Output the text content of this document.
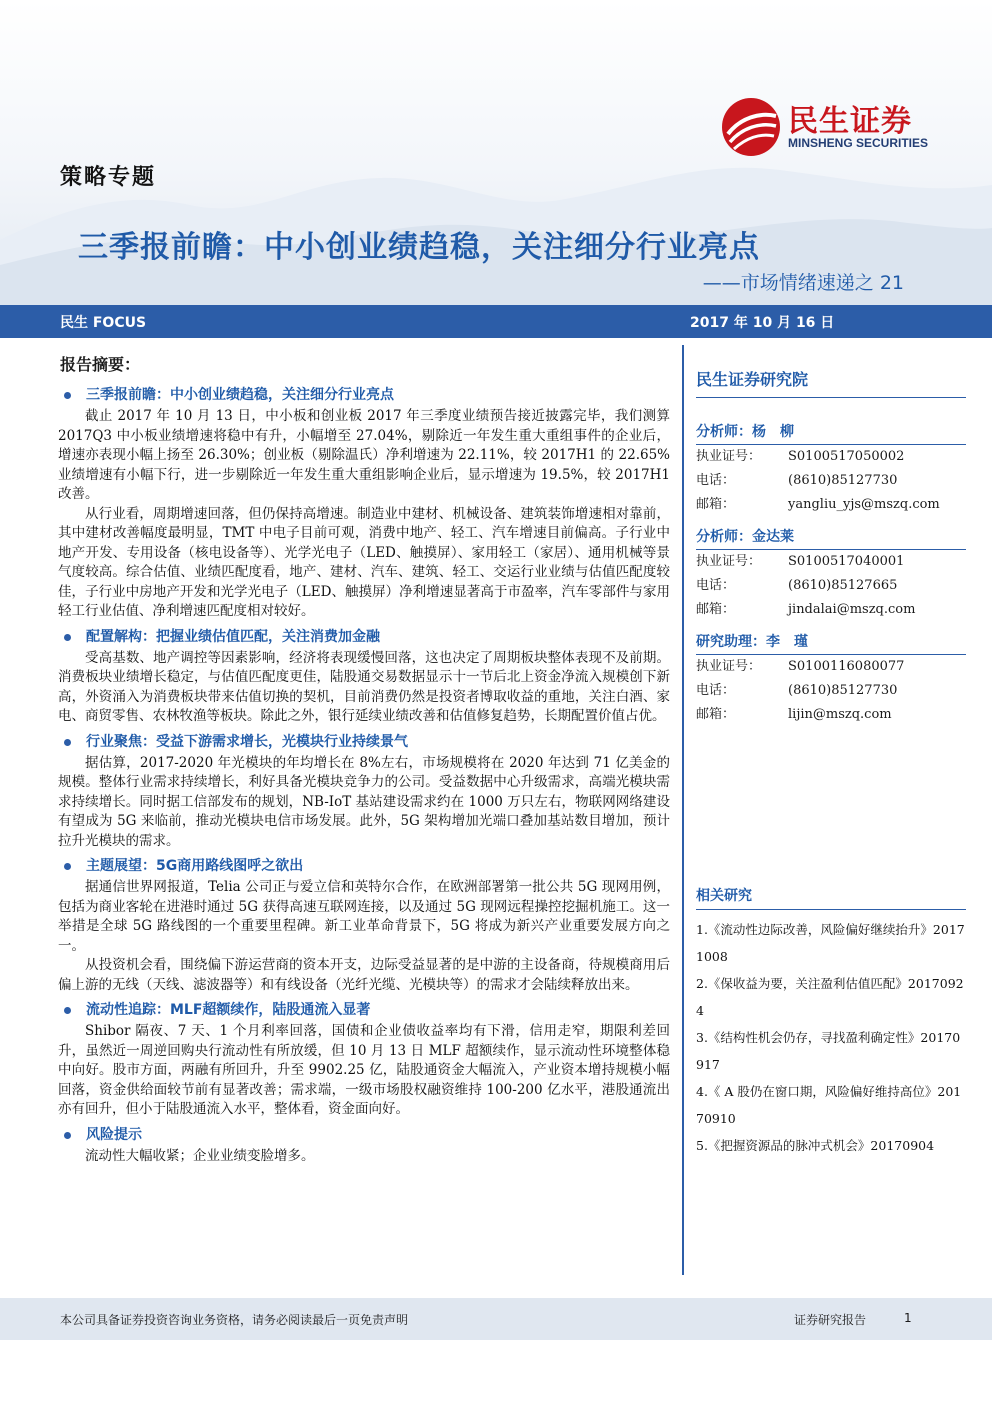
民生证券
MINSHENG SECURITIES
策略专题
三季报前瞻：中小创业绩趋稳，关注细分行业亮点
——市场情绪速递之 21
民生 FOCUS	2017 年 10 月 16 日
报告摘要：
三季报前瞻：中小创业绩趋稳，关注细分行业亮点

截止 2017 年 10 月 13 日，中小板和创业板 2017 年三季度业绩预告接近披露完毕，我们测算 2017Q3 中小板业绩增速将稳中有升，小幅增至 27.04%，剔除近一年发生重大重组事件的企业后，增速亦表现小幅上扬至 26.30%；创业板（剔除温氏）净利增速为 22.11%，较 2017H1 的 22.65%业绩增速有小幅下行，进一步剔除近一年发生重大重组影响企业后，显示增速为 19.5%，较 2017H1 改善。

从行业看，周期增速回落，但仍保持高增速。制造业中建材、机械设备、建筑装饰增速相对靠前，其中建材改善幅度最明显，TMT 中电子目前可观，消费中地产、轻工、汽车增速目前偏高。子行业中地产开发、专用设备（核电设备等）、光学光电子（LED、触摸屏）、家用轻工（家居）、通用机械等景气度较高。综合估值、业绩匹配度看，地产、建材、汽车、建筑、轻工、交运行业业绩与估值匹配度较佳，子行业中房地产开发和光学光电子（LED、触摸屏）净利增速显著高于市盈率，汽车零部件与家用轻工行业估值、净利增速匹配度相对较好。

配置解构：把握业绩估值匹配，关注消费加金融

受高基数、地产调控等因素影响，经济将表现缓慢回落，这也决定了周期板块整体表现不及前期。消费板块业绩增长稳定，与估值匹配度更佳，陆股通交易数据显示十一节后北上资金净流入规模创下新高，外资涌入为消费板块带来估值切换的契机，目前消费仍然是投资者博取收益的重地，关注白酒、家电、商贸零售、农林牧渔等板块。除此之外，银行延续业绩改善和估值修复趋势，长期配置价值占优。

行业聚焦：受益下游需求增长，光模块行业持续景气

据估算，2017-2020 年光模块的年均增长在 8%左右，市场规模将在 2020 年达到 71 亿美金的规模。整体行业需求持续增长，利好具备光模块竞争力的公司。受益数据中心升级需求，高端光模块需求持续增长。同时据工信部发布的规划，NB-IoT 基站建设需求约在 1000 万只左右，物联网网络建设有望成为 5G 来临前，推动光模块电信市场发展。此外，5G 架构增加光端口叠加基站数目增加，预计拉升光模块的需求。

主题展望：5G商用路线图呼之欲出

据通信世界网报道，Telia 公司正与爱立信和英特尔合作，在欧洲部署第一批公共 5G 现网用例，包括为商业客轮在进港时通过 5G 获得高速互联网连接，以及通过 5G 现网远程操控挖掘机施工。这一举措是全球 5G 路线图的一个重要里程碑。新工业革命背景下，5G 将成为新兴产业重要发展方向之一。

从投资机会看，围绕偏下游运营商的资本开支，边际受益显著的是中游的主设备商，待规模商用后偏上游的无线（天线、滤波器等）和有线设备（光纤光缆、光模块等）的需求才会陆续释放出来。

流动性追踪：MLF超额续作，陆股通流入显著

Shibor 隔夜、7 天、1 个月利率回落，国债和企业债收益率均有下滑，信用走窄，期限利差回升，虽然近一周逆回购央行流动性有所放缓，但 10 月 13 日 MLF 超额续作，显示流动性环境整体稳中向好。股市方面，两融有所回升，升至 9902.25 亿，陆股通资金大幅流入，产业资本增持规模小幅回落，资金供给面较节前有显著改善；需求端，一级市场股权融资维持 100-200 亿水平，港股通流出亦有回升，但小于陆股通流入水平，整体看，资金面向好。

风险提示

流动性大幅收紧；企业业绩变脸增多。

民生证券研究院
分析师：杨　柳
执业证号：	S0100517050002
电话：	(8610)85127730
邮箱：	yangliu_yjs@mszq.com
分析师：金达莱
执业证号：	S0100517040001
电话：	(8610)85127665
邮箱：	jindalai@mszq.com
研究助理：李　瑾
执业证号：	S0100116080077
电话：	(8610)85127730
邮箱：	lijin@mszq.com
相关研究
1.《流动性边际改善，风险偏好继续抬升》20171008
2.《保收益为要，关注盈利估值匹配》20170924
3.《结构性机会仍存，寻找盈利确定性》20170917
4.《 A 股仍在窗口期，风险偏好维持高位》20170910
5.《把握资源品的脉冲式机会》20170904
本公司具备证券投资咨询业务资格，请务必阅读最后一页免责声明	证券研究报告	1
